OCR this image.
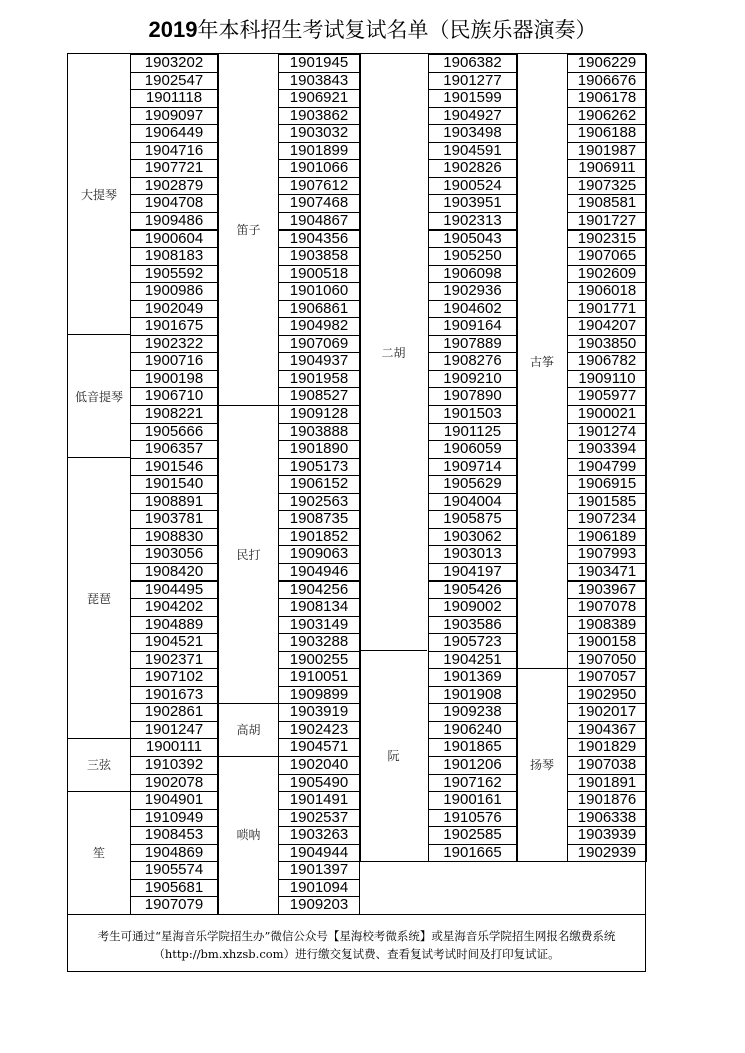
2019年本科招生考试复试名单（民族乐器演奏）
考生可通过“星海音乐学院招生办”微信公众号【星海校考微系统】或星海音乐学院招生网报名缴费系统
（http://bm.xhzsb.com）进行缴交复试费、查看复试考试时间及打印复试证。
大提琴
1903202
1902547
1901118
1909097
1906449
1904716
1907721
1902879
1904708
1909486
1900604
1908183
1905592
1900986
1902049
1901675
低音提琴
1902322
1900716
1900198
1906710
1908221
1905666
1906357
琵琶
1901546
1901540
1908891
1903781
1908830
1903056
1908420
1904495
1904202
1904889
1904521
1902371
1907102
1901673
1902861
1901247
三弦
1900111
1910392
1902078
笙
1904901
1910949
1908453
1904869
1905574
1905681
1907079
笛子
1901945
1903843
1906921
1903862
1903032
1901899
1901066
1907612
1907468
1904867
1904356
1903858
1900518
1901060
1906861
1904982
1907069
1904937
1901958
1908527
民打
1909128
1903888
1901890
1905173
1906152
1902563
1908735
1901852
1909063
1904946
1904256
1908134
1903149
1903288
1900255
1910051
1909899
高胡
1903919
1902423
1904571
唢呐
1902040
1905490
1901491
1902537
1903263
1904944
1901397
1901094
1909203
二胡
1906382
1901277
1901599
1904927
1903498
1904591
1902826
1900524
1903951
1902313
1905043
1905250
1906098
1902936
1904602
1909164
1907889
1908276
1909210
1907890
1901503
1901125
1906059
1909714
1905629
1904004
1905875
1903062
1903013
1904197
1905426
1909002
1903586
1905723
阮
1904251
1901369
1901908
1909238
1906240
1901865
1901206
1907162
1900161
1910576
1902585
1901665
古筝
1906229
1906676
1906178
1906262
1906188
1901987
1906911
1907325
1908581
1901727
1902315
1907065
1902609
1906018
1901771
1904207
1903850
1906782
1909110
1905977
1900021
1901274
1903394
1904799
1906915
1901585
1907234
1906189
1907993
1903471
1903967
1907078
1908389
1900158
1907050
扬琴
1907057
1902950
1902017
1904367
1901829
1907038
1901891
1901876
1906338
1903939
1902939
